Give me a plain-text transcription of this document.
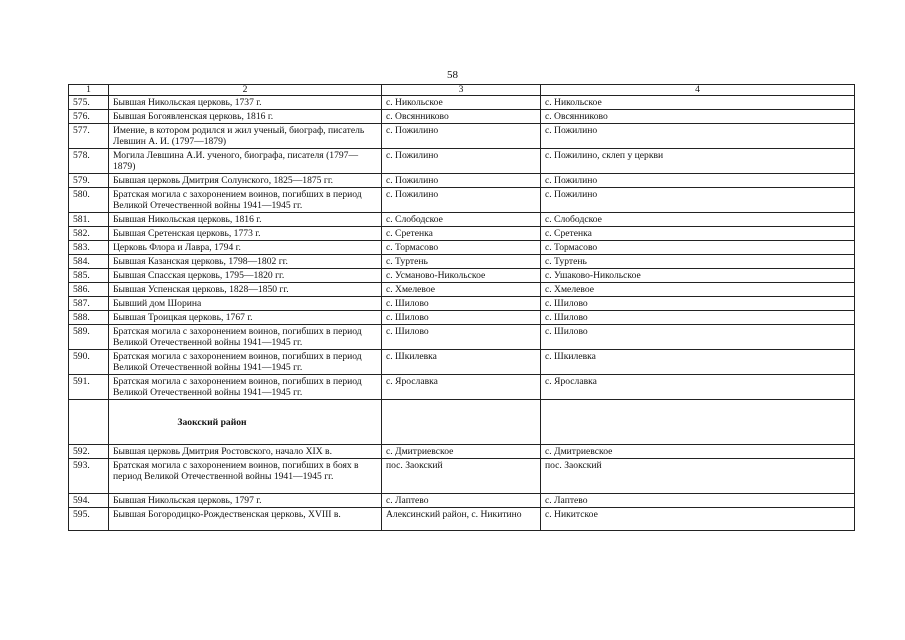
58
1	2	3	4
575.	Бывшая Никольская церковь, 1737 г.	с. Никольское	с. Никольское
576.	Бывшая Богоявленская церковь, 1816 г.	с. Овсянниково	с. Овсянниково
577.	Имение, в котором родился и жил ученый, биограф, писатель Левшин А. И. (1797—1879)	с. Пожилино	с. Пожилино
578.	Могила Левшина А.И. ученого, биографа, писателя (1797—1879)	с. Пожилино	с. Пожилино, склеп у церкви
579.	Бывшая церковь Дмитрия Солунского, 1825—1875 гг.	с. Пожилино	с. Пожилино
580.	Братская могила с захоронением воинов, погибших в период Великой Отечественной войны 1941—1945 гг.	с. Пожилино	с. Пожилино
581.	Бывшая Никольская церковь, 1816 г.	с. Слободское	с. Слободское
582.	Бывшая Сретенская церковь, 1773 г.	с. Сретенка	с. Сретенка
583.	Церковь Флора и Лавра, 1794 г.	с. Тормасово	с. Тормасово
584.	Бывшая Казанская церковь, 1798—1802 гг.	с. Туртень	с. Туртень
585.	Бывшая Спасская церковь, 1795—1820 гг.	с. Усманово-Никольское	с. Ушаково-Никольское
586.	Бывшая Успенская церковь, 1828—1850 гг.	с. Хмелевое	с. Хмелевое
587.	Бывший дом Шорина	с. Шилово	с. Шилово
588.	Бывшая Троицкая церковь, 1767 г.	с. Шилово	с. Шилово
589.	Братская могила с захоронением воинов, погибших в период Великой Отечественной войны 1941—1945 гг.	с. Шилово	с. Шилово
590.	Братская могила с захоронением воинов, погибших в период Великой Отечественной войны 1941—1945 гг.	с. Шкилевка	с. Шкилевка
591.	Братская могила с захоронением воинов, погибших в период Великой Отечественной войны 1941—1945 гг.	с. Ярославка	с. Ярославка
	Заокский район		
592.	Бывшая церковь Дмитрия Ростовского, начало XIX в.	с. Дмитриевское	с. Дмитриевское
593.	Братская могила с захоронением воинов, погибших в боях в период Великой Отечественной войны 1941—1945 гг.	пос. Заокский	пос. Заокский
594.	Бывшая Никольская церковь, 1797 г.	с. Лаптево	с. Лаптево
595.	Бывшая Богородицко-Рождественская церковь, XVIII в.	Алексинский район, с. Никитино	с. Никитское
